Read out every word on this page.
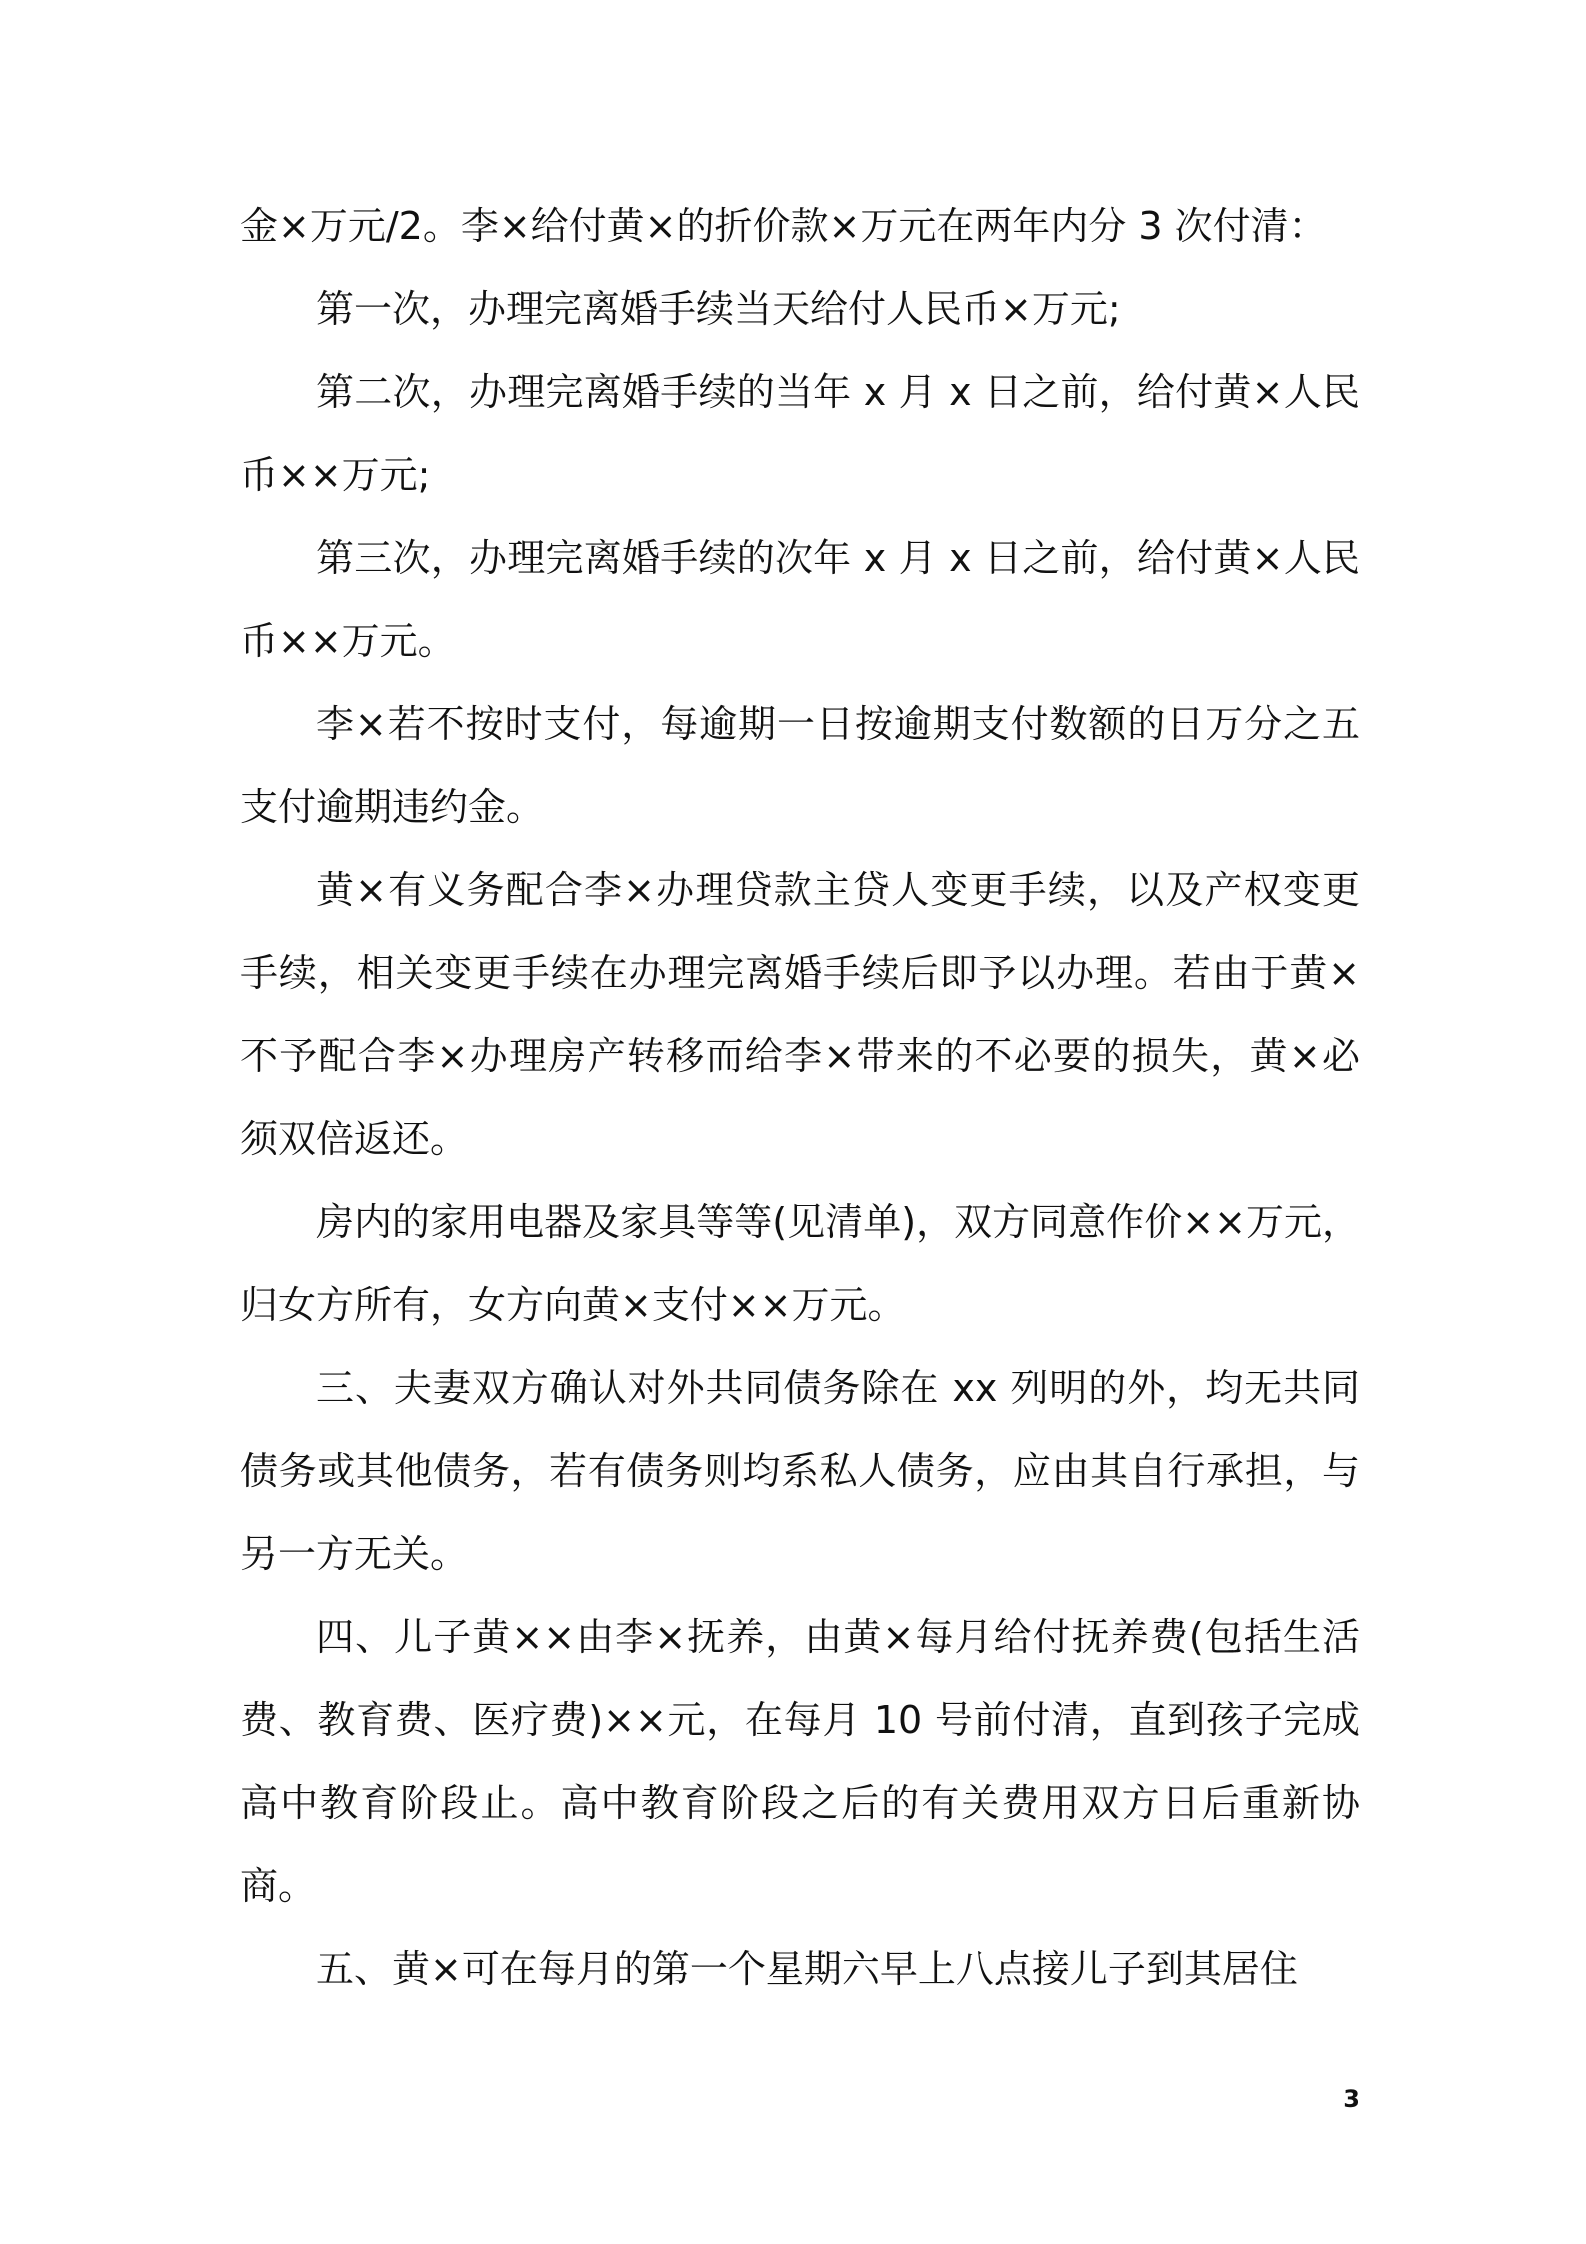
金×万元/2。李×给付黄×的折价款×万元在两年内分 3 次付清：

第一次，办理完离婚手续当天给付人民币×万元;

第二次，办理完离婚手续的当年 x 月 x 日之前，给付黄×人民币××万元;

第三次，办理完离婚手续的次年 x 月 x 日之前，给付黄×人民币××万元。

李×若不按时支付，每逾期一日按逾期支付数额的日万分之五支付逾期违约金。

黄×有义务配合李×办理贷款主贷人变更手续，以及产权变更手续，相关变更手续在办理完离婚手续后即予以办理。若由于黄×不予配合李×办理房产转移而给李×带来的不必要的损失，黄×必须双倍返还。

房内的家用电器及家具等等(见清单)，双方同意作价××万元，归女方所有，女方向黄×支付××万元。

三、夫妻双方确认对外共同债务除在 xx 列明的外，均无共同债务或其他债务，若有债务则均系私人债务，应由其自行承担，与另一方无关。

四、儿子黄××由李×抚养，由黄×每月给付抚养费(包括生活费、教育费、医疗费)××元，在每月 10 号前付清，直到孩子完成高中教育阶段止。高中教育阶段之后的有关费用双方日后重新协商。

五、黄×可在每月的第一个星期六早上八点接儿子到其居住

3
